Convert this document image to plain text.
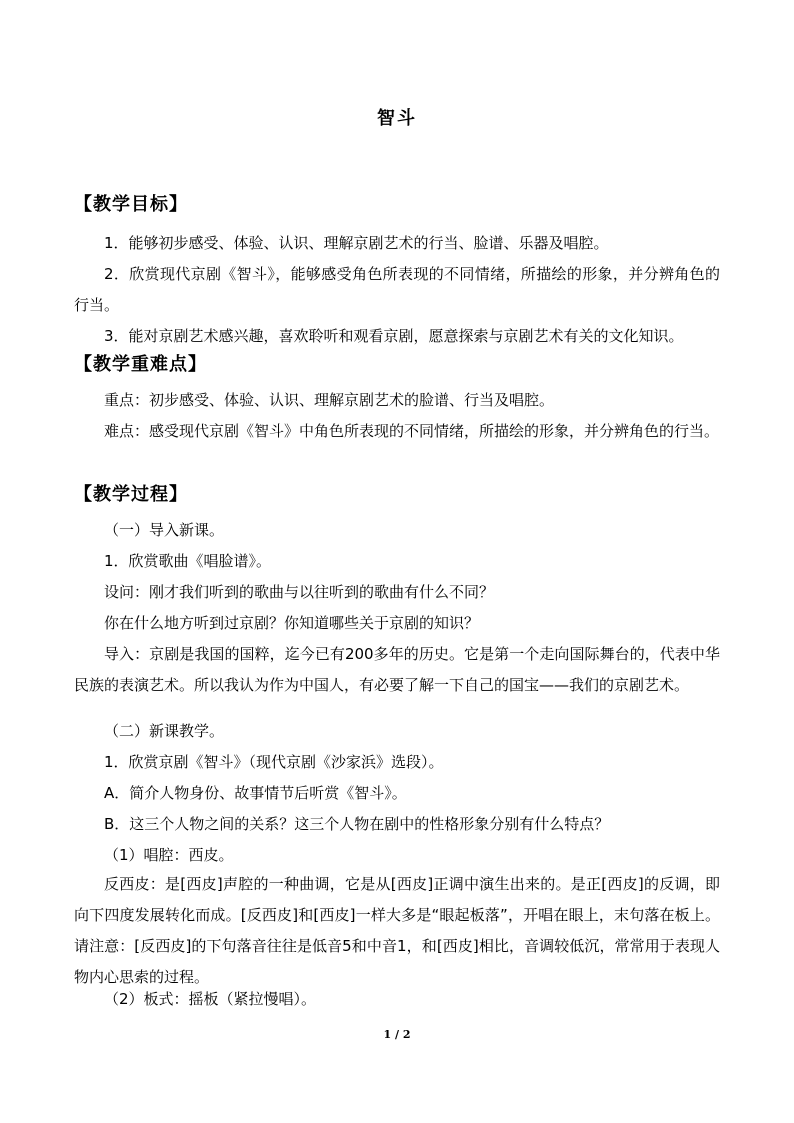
智斗
【教学目标】

1．能够初步感受、体验、认识、理解京剧艺术的行当、脸谱、乐器及唱腔。

2．欣赏现代京剧《智斗》，能够感受角色所表现的不同情绪，所描绘的形象，并分辨角色的行当。

3．能对京剧艺术感兴趣，喜欢聆听和观看京剧，愿意探索与京剧艺术有关的文化知识。

【教学重难点】

重点：初步感受、体验、认识、理解京剧艺术的脸谱、行当及唱腔。

难点：感受现代京剧《智斗》中角色所表现的不同情绪，所描绘的形象，并分辨角色的行当。

【教学过程】

（一）导入新课。

1．欣赏歌曲《唱脸谱》。

设问：刚才我们听到的歌曲与以往听到的歌曲有什么不同？

你在什么地方听到过京剧？你知道哪些关于京剧的知识？

导入：京剧是我国的国粹，迄今已有200多年的历史。它是第一个走向国际舞台的，代表中华民族的表演艺术。所以我认为作为中国人，有必要了解一下自己的国宝——我们的京剧艺术。

（二）新课教学。

1．欣赏京剧《智斗》（现代京剧《沙家浜》选段）。

A．简介人物身份、故事情节后听赏《智斗》。

B．这三个人物之间的关系？这三个人物在剧中的性格形象分别有什么特点？

（1）唱腔：西皮。

反西皮：是[西皮]声腔的一种曲调，它是从[西皮]正调中演生出来的。是正[西皮]的反调，即向下四度发展转化而成。[反西皮]和[西皮]一样大多是“眼起板落”，开唱在眼上，末句落在板上。请注意：[反西皮]的下句落音往往是低音5和中音1，和[西皮]相比，音调较低沉，常常用于表现人物内心思索的过程。

（2）板式：摇板（紧拉慢唱）。

1 / 2
